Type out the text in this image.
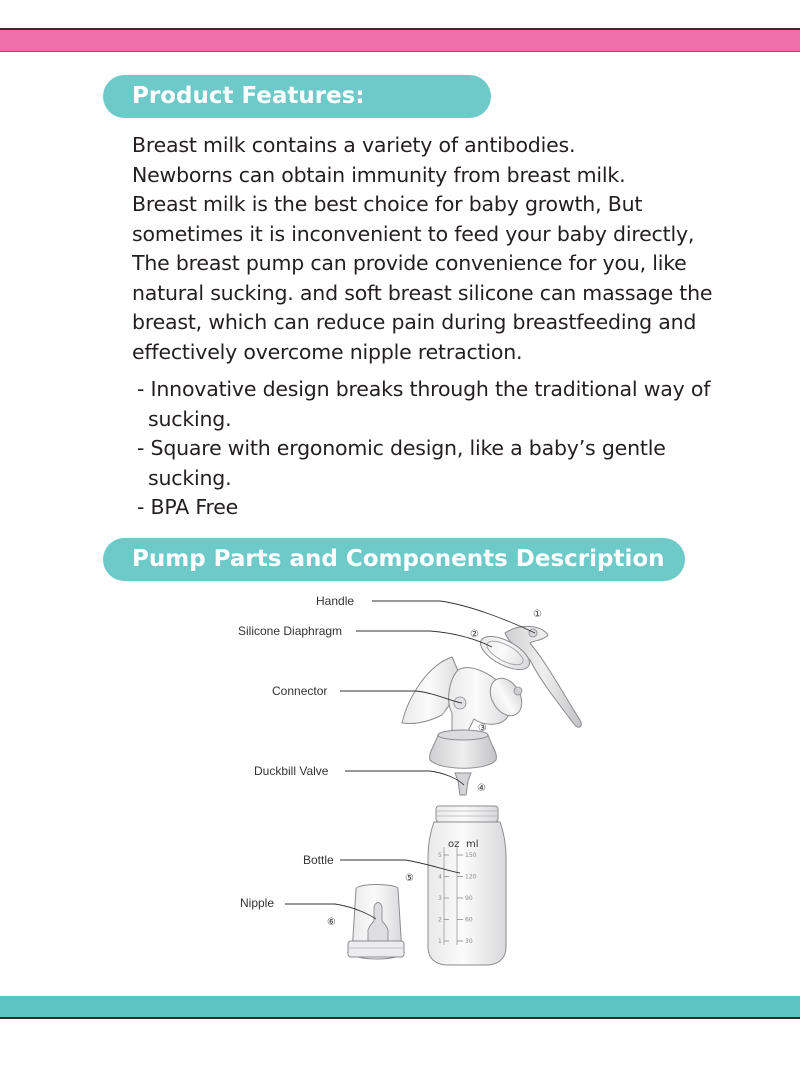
Product Features:
Breast milk contains a variety of antibodies.
Newborns can obtain immunity from breast milk.
Breast milk is the best choice for baby growth, But
sometimes it is inconvenient to feed your baby directly,
The breast pump can provide convenience for you, like
natural sucking. and soft breast silicone can massage the
breast, which can reduce pain during breastfeeding and
effectively overcome nipple retraction.
- Innovative design breaks through the traditional way of
sucking.
- Square with ergonomic design, like a baby’s gentle
sucking.
- BPA Free
Pump Parts and Components Description
oz ml
150
5
120
4
90
3
60
2
30
1
Handle
Silicone Diaphragm
Connector
Duckbill Valve
Bottle
Nipple
①
②
③
④
⑤
⑥
